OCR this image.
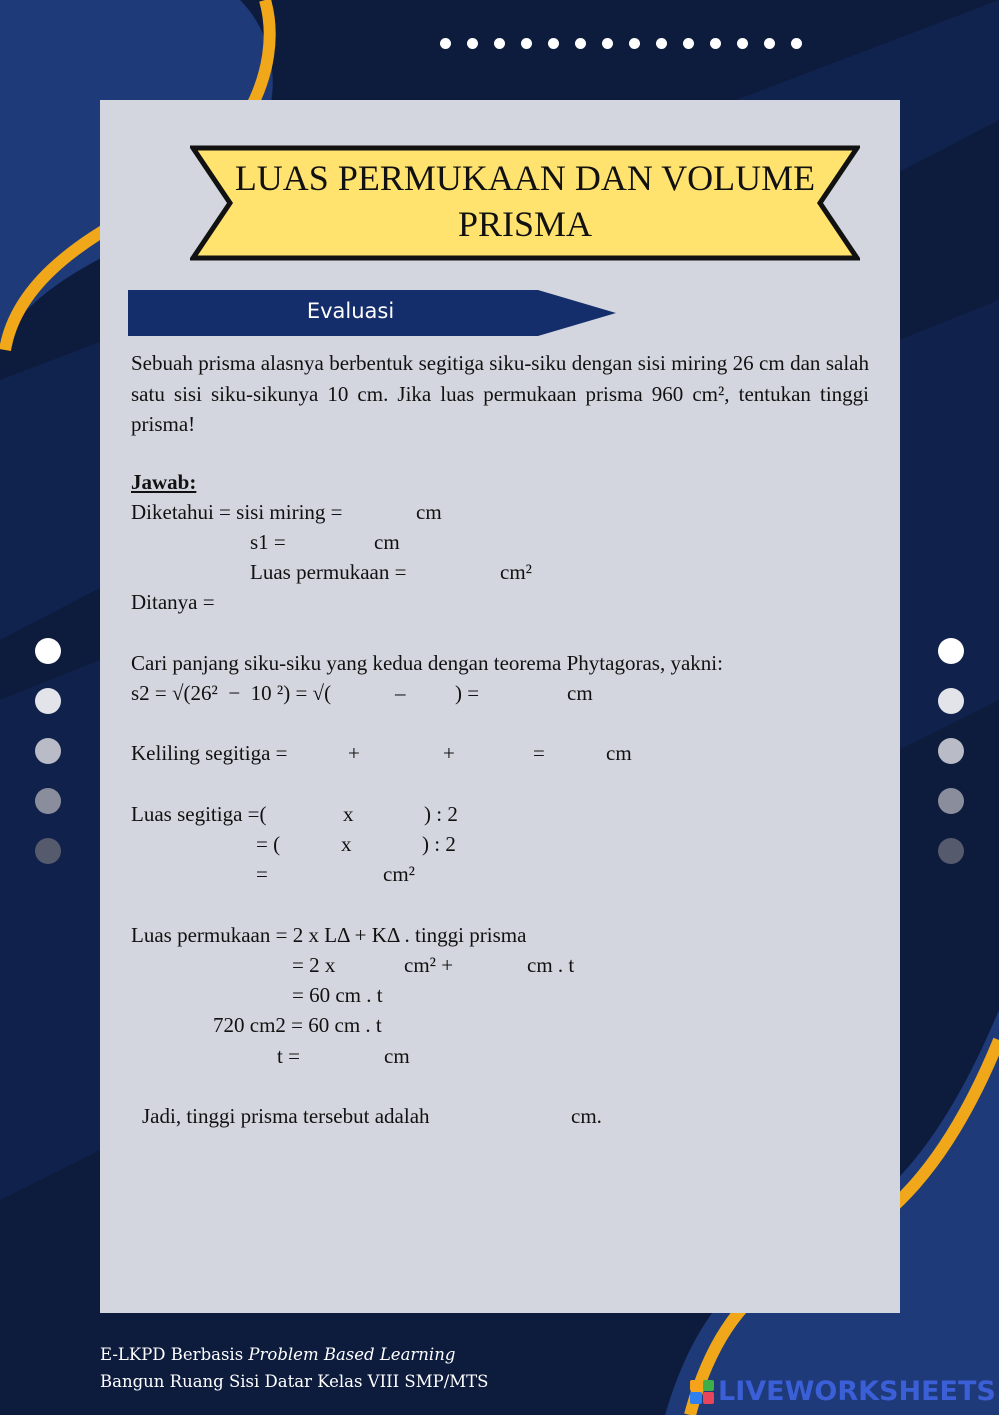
LUAS PERMUKAAN DAN VOLUME PRISMA
Evaluasi
Sebuah prisma alasnya berbentuk segitiga siku-siku dengan sisi miring 26 cm dan salah satu sisi siku-sikunya 10 cm. Jika luas permukaan prisma 960 cm², tentukan tinggi prisma!
Jawab:
Diketahui = sisi miring =	cm
s1 =	cm
Luas permukaan =	cm²
Ditanya =
Cari panjang siku-siku yang kedua dengan teorema Phytagoras, yakni:
s2 = √(26²  −  10 ²) = √(	– ) =	cm
Keliling segitiga =	+	+	=	cm
Luas segitiga =(	x	) : 2
= (	x	) : 2
=	cm²
Luas permukaan = 2 x LΔ + KΔ . tinggi prisma
= 2 x	cm² +	cm . t
= 60 cm . t
720 cm2 = 60 cm . t
t =	cm
Jadi, tinggi prisma tersebut adalah	cm.
E-LKPD Berbasis Problem Based Learning
Bangun Ruang Sisi Datar Kelas VIII SMP/MTS	LIVEWORKSHEETS
